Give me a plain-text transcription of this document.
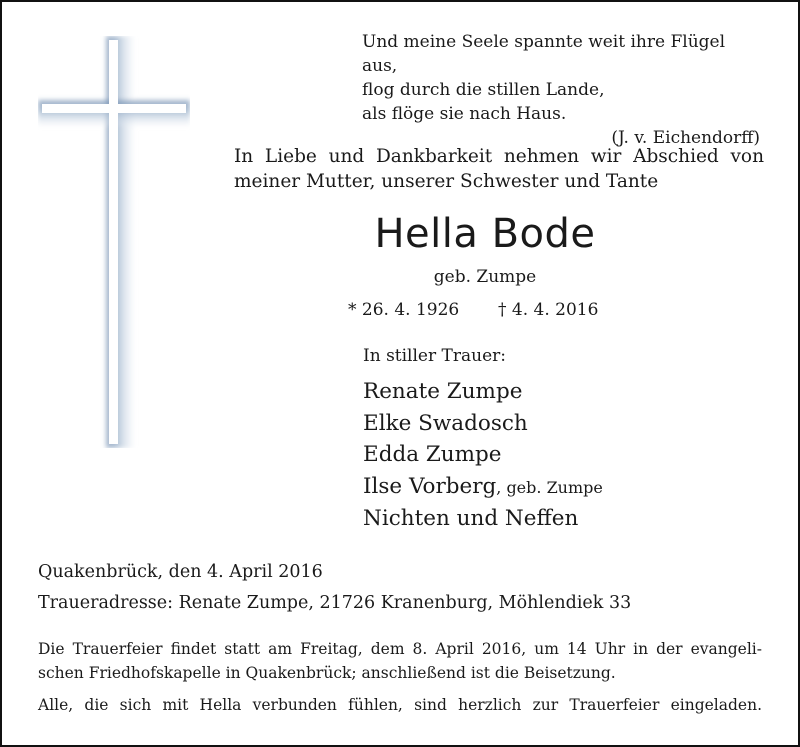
Und meine Seele spannte weit ihre Flügel aus,
flog durch die stillen Lande,
als flöge sie nach Haus.
(J. v. Eichendorff)
In Liebe und Dankbarkeit nehmen wir Abschied von
meiner Mutter, unserer Schwester und Tante
Hella Bode
geb. Zumpe
* 26. 4. 1926 † 4. 4. 2016
In stiller Trauer:
Renate Zumpe
Elke Swadosch
Edda Zumpe
Ilse Vorberg, geb. Zumpe
Nichten und Neffen
Quakenbrück, den 4. April 2016
Traueradresse: Renate Zumpe, 21726 Kranenburg, Möhlendiek 33
Die Trauerfeier findet statt am Freitag, dem 8. April 2016, um 14 Uhr in der evangeli-
schen Friedhofskapelle in Quakenbrück; anschließend ist die Beisetzung.
Alle, die sich mit Hella verbunden fühlen, sind herzlich zur Trauerfeier eingeladen.
